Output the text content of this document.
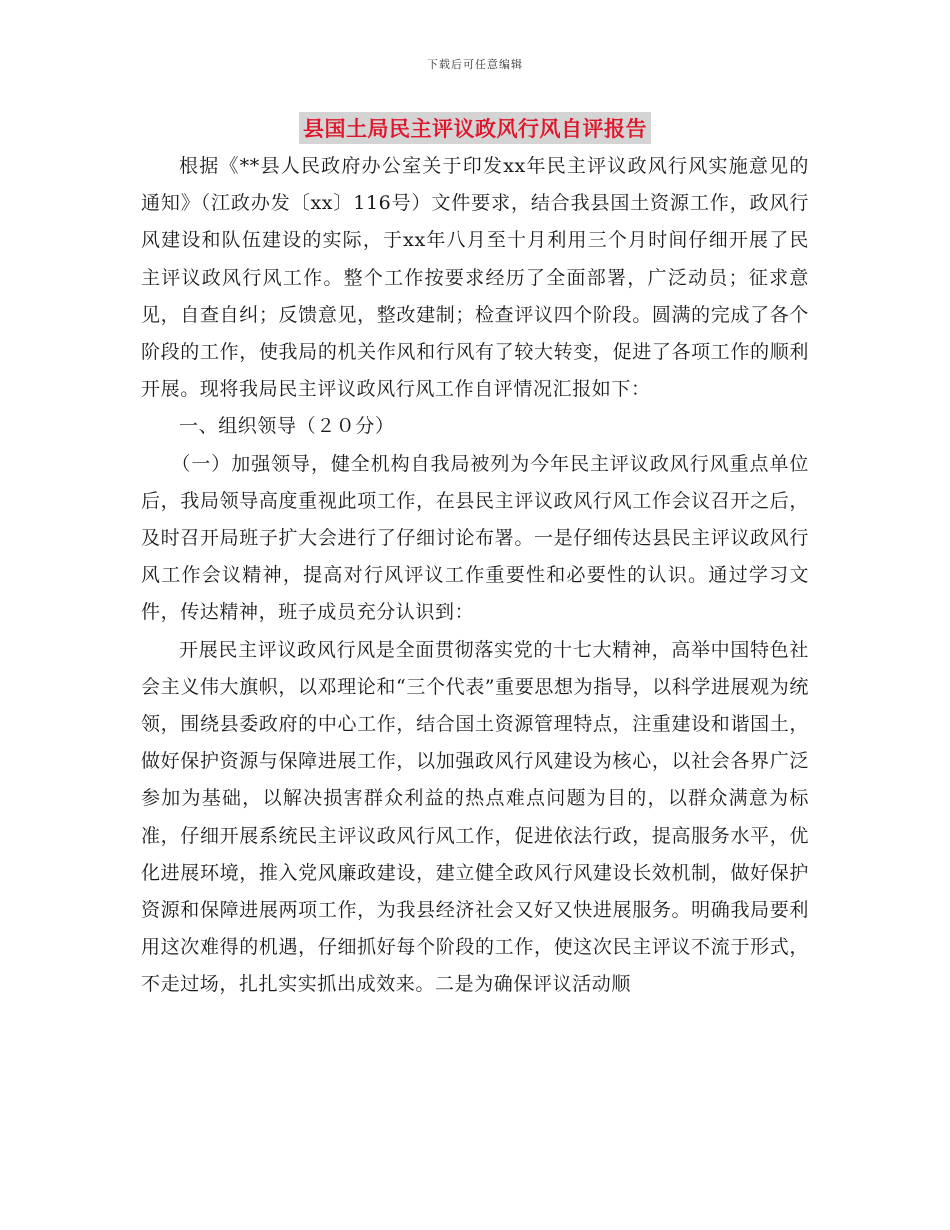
下载后可任意编辑
县国土局民主评议政风行风自评报告

根据《**县人民政府办公室关于印发xx年民主评议政风行风实施意见的通知》（江政办发〔xx〕116号）文件要求，结合我县国土资源工作，政风行风建设和队伍建设的实际，于xx年八月至十月利用三个月时间仔细开展了民主评议政风行风工作。整个工作按要求经历了全面部署，广泛动员；征求意见，自查自纠；反馈意见，整改建制；检查评议四个阶段。圆满的完成了各个阶段的工作，使我局的机关作风和行风有了较大转变，促进了各项工作的顺利开展。现将我局民主评议政风行风工作自评情况汇报如下：

一、组织领导（２０分）

（一）加强领导，健全机构自我局被列为今年民主评议政风行风重点单位后，我局领导高度重视此项工作，在县民主评议政风行风工作会议召开之后，及时召开局班子扩大会进行了仔细讨论布署。一是仔细传达县民主评议政风行风工作会议精神，提高对行风评议工作重要性和必要性的认识。通过学习文件，传达精神，班子成员充分认识到：

开展民主评议政风行风是全面贯彻落实党的十七大精神，高举中国特色社会主义伟大旗帜，以邓理论和“三个代表”重要思想为指导，以科学进展观为统领，围绕县委政府的中心工作，结合国土资源管理特点，注重建设和谐国土，做好保护资源与保障进展工作，以加强政风行风建设为核心，以社会各界广泛参加为基础，以解决损害群众利益的热点难点问题为目的，以群众满意为标准，仔细开展系统民主评议政风行风工作，促进依法行政，提高服务水平，优化进展环境，推入党风廉政建设，建立健全政风行风建设长效机制，做好保护资源和保障进展两项工作，为我县经济社会又好又快进展服务。明确我局要利用这次难得的机遇，仔细抓好每个阶段的工作，使这次民主评议不流于形式，不走过场，扎扎实实抓出成效来。二是为确保评议活动顺
